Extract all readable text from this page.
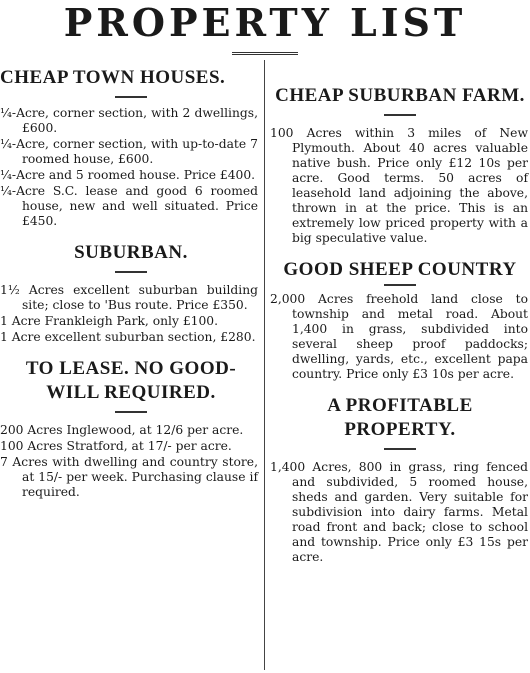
PROPERTY LIST
CHEAP TOWN HOUSES.

¼-Acre, corner section, with 2 dwellings, £600.

¼-Acre, corner section, with up-to-date 7 roomed house, £600.

¼-Acre and 5 roomed house. Price £400.

¼-Acre S.C. lease and good 6 roomed house, new and well situated. Price £450.

SUBURBAN.

1½ Acres excellent suburban building site; close to 'Bus route. Price £350.

1 Acre Frankleigh Park, only £100.

1 Acre excellent suburban section, £280.

TO LEASE. NO GOOD-WILL REQUIRED.

200 Acres Inglewood, at 12/6 per acre.

100 Acres Stratford, at 17/- per acre.

7 Acres with dwelling and country store, at 15/- per week. Purchasing clause if required.

CHEAP SUBURBAN FARM.

100 Acres within 3 miles of New Plymouth. About 40 acres valuable native bush. Price only £12 10s per acre. Good terms. 50 acres of leasehold land adjoining the above, thrown in at the price. This is an extremely low priced property with a big speculative value.

GOOD SHEEP COUNTRY

2,000 Acres freehold land close to township and metal road. About 1,400 in grass, subdivided into several sheep proof paddocks; dwelling, yards, etc., excellent papa country. Price only £3 10s per acre.

A PROFITABLE PROPERTY.

1,400 Acres, 800 in grass, ring fenced and subdivided, 5 roomed house, sheds and garden. Very suitable for subdivision into dairy farms. Metal road front and back; close to school and township. Price only £3 15s per acre.
